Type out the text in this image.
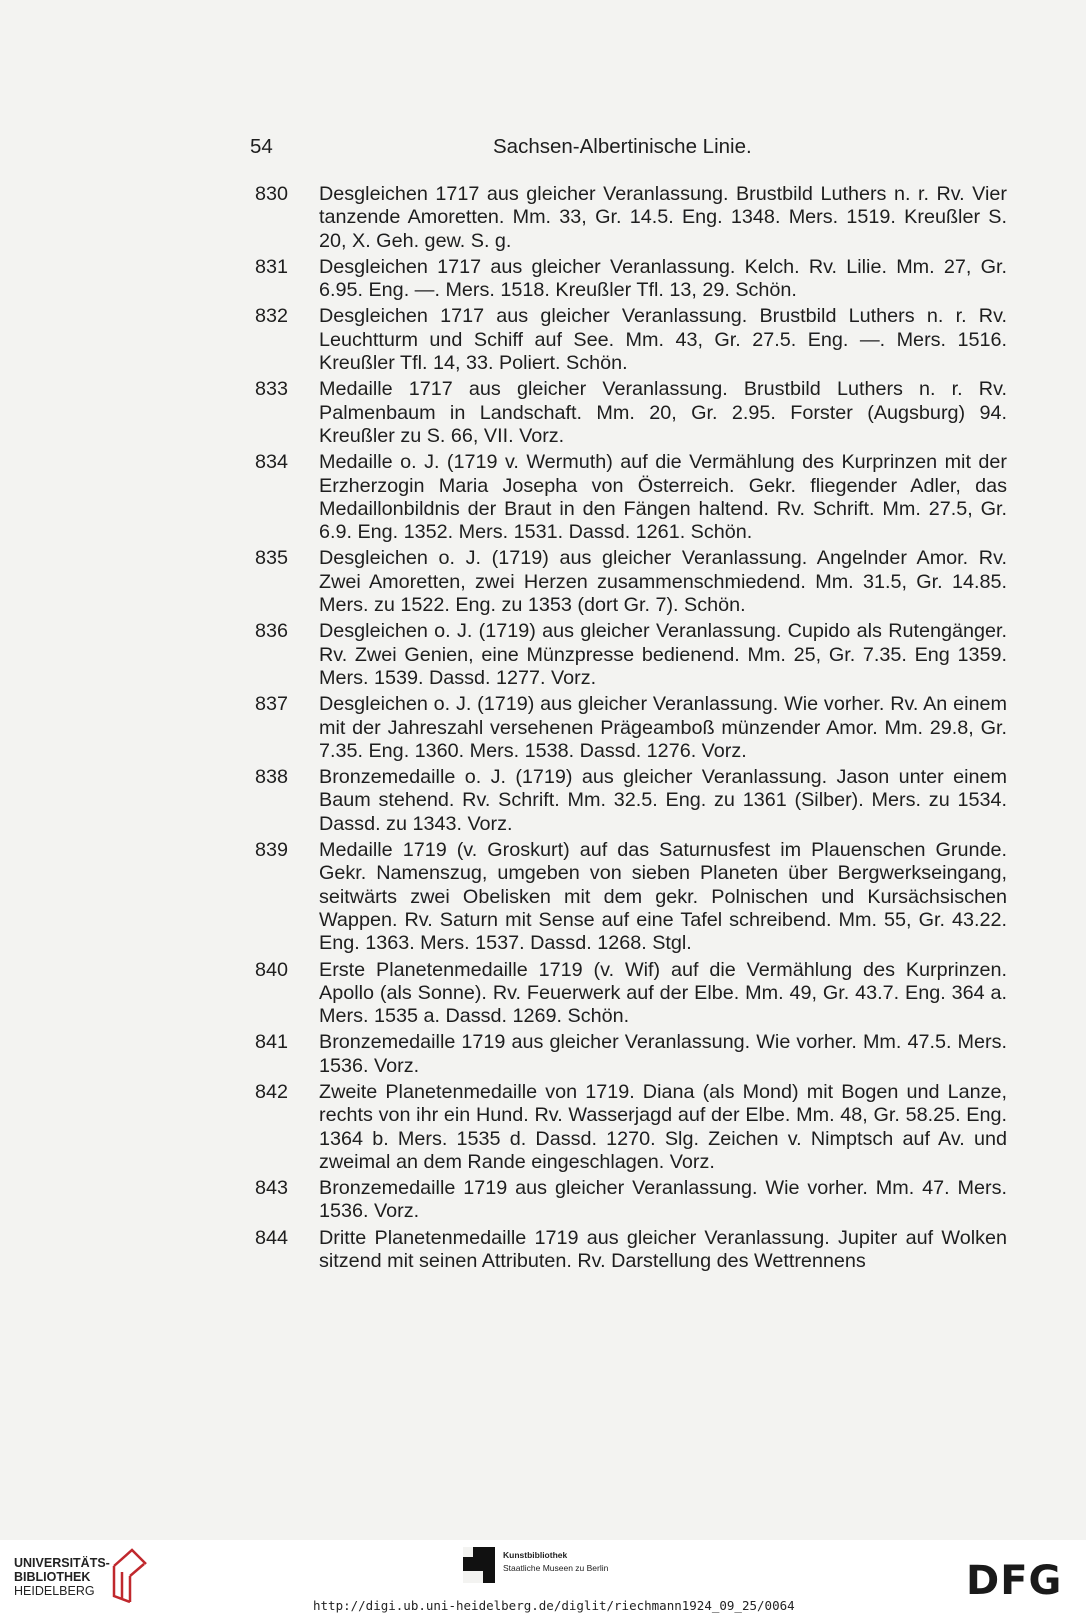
54	Sachsen-Albertinische Linie.
830	Desgleichen 1717 aus gleicher Veranlassung. Brustbild Luthers n. r. Rv. Vier tanzende Amoretten. Mm. 33, Gr. 14.5. Eng. 1348. Mers. 1519. Kreußler S. 20, X. Geh. gew. S. g.
831	Desgleichen 1717 aus gleicher Veranlassung. Kelch. Rv. Lilie. Mm. 27, Gr. 6.95. Eng. —. Mers. 1518. Kreußler Tfl. 13, 29. Schön.
832	Desgleichen 1717 aus gleicher Veranlassung. Brustbild Luthers n. r. Rv. Leuchtturm und Schiff auf See. Mm. 43, Gr. 27.5. Eng. —. Mers. 1516. Kreußler Tfl. 14, 33. Poliert. Schön.
833	Medaille 1717 aus gleicher Veranlassung. Brustbild Luthers n. r. Rv. Palmenbaum in Landschaft. Mm. 20, Gr. 2.95. Forster (Augsburg) 94. Kreußler zu S. 66, VII. Vorz.
834	Medaille o. J. (1719 v. Wermuth) auf die Vermählung des Kurprinzen mit der Erzherzogin Maria Josepha von Österreich. Gekr. fliegender Adler, das Medaillonbildnis der Braut in den Fängen haltend. Rv. Schrift. Mm. 27.5, Gr. 6.9. Eng. 1352. Mers. 1531. Dassd. 1261. Schön.
835	Desgleichen o. J. (1719) aus gleicher Veranlassung. Angelnder Amor. Rv. Zwei Amoretten, zwei Herzen zusammenschmiedend. Mm. 31.5, Gr. 14.85. Mers. zu 1522. Eng. zu 1353 (dort Gr. 7). Schön.
836	Desgleichen o. J. (1719) aus gleicher Veranlassung. Cupido als Rutengänger. Rv. Zwei Genien, eine Münzpresse bedienend. Mm. 25, Gr. 7.35. Eng 1359. Mers. 1539. Dassd. 1277. Vorz.
837	Desgleichen o. J. (1719) aus gleicher Veranlassung. Wie vorher. Rv. An einem mit der Jahreszahl versehenen Prägeamboß münzender Amor. Mm. 29.8, Gr. 7.35. Eng. 1360. Mers. 1538. Dassd. 1276. Vorz.
838	Bronzemedaille o. J. (1719) aus gleicher Veranlassung. Jason unter einem Baum stehend. Rv. Schrift. Mm. 32.5. Eng. zu 1361 (Silber). Mers. zu 1534. Dassd. zu 1343. Vorz.
839	Medaille 1719 (v. Groskurt) auf das Saturnusfest im Plauenschen Grunde. Gekr. Namenszug, umgeben von sieben Planeten über Bergwerkseingang, seitwärts zwei Obelisken mit dem gekr. Polnischen und Kursächsischen Wappen. Rv. Saturn mit Sense auf eine Tafel schreibend. Mm. 55, Gr. 43.22. Eng. 1363. Mers. 1537. Dassd. 1268. Stgl.
840	Erste Planetenmedaille 1719 (v. Wif) auf die Vermählung des Kurprinzen. Apollo (als Sonne). Rv. Feuerwerk auf der Elbe. Mm. 49, Gr. 43.7. Eng. 364 a. Mers. 1535 a. Dassd. 1269. Schön.
841	Bronzemedaille 1719 aus gleicher Veranlassung. Wie vorher. Mm. 47.5. Mers. 1536. Vorz.
842	Zweite Planetenmedaille von 1719. Diana (als Mond) mit Bogen und Lanze, rechts von ihr ein Hund. Rv. Wasserjagd auf der Elbe. Mm. 48, Gr. 58.25. Eng. 1364 b. Mers. 1535 d. Dassd. 1270. Slg. Zeichen v. Nimptsch auf Av. und zweimal an dem Rande eingeschlagen. Vorz.
843	Bronzemedaille 1719 aus gleicher Veranlassung. Wie vorher. Mm. 47. Mers. 1536. Vorz.
844	Dritte Planetenmedaille 1719 aus gleicher Veranlassung. Jupiter auf Wolken sitzend mit seinen Attributen. Rv. Darstellung des Wettrennens
UNIVERSITÄTS-
BIBLIOTHEK
HEIDELBERG
Kunstbibliothek
Staatliche Museen zu Berlin	DFG
http://digi.ub.uni-heidelberg.de/diglit/riechmann1924_09_25/0064
